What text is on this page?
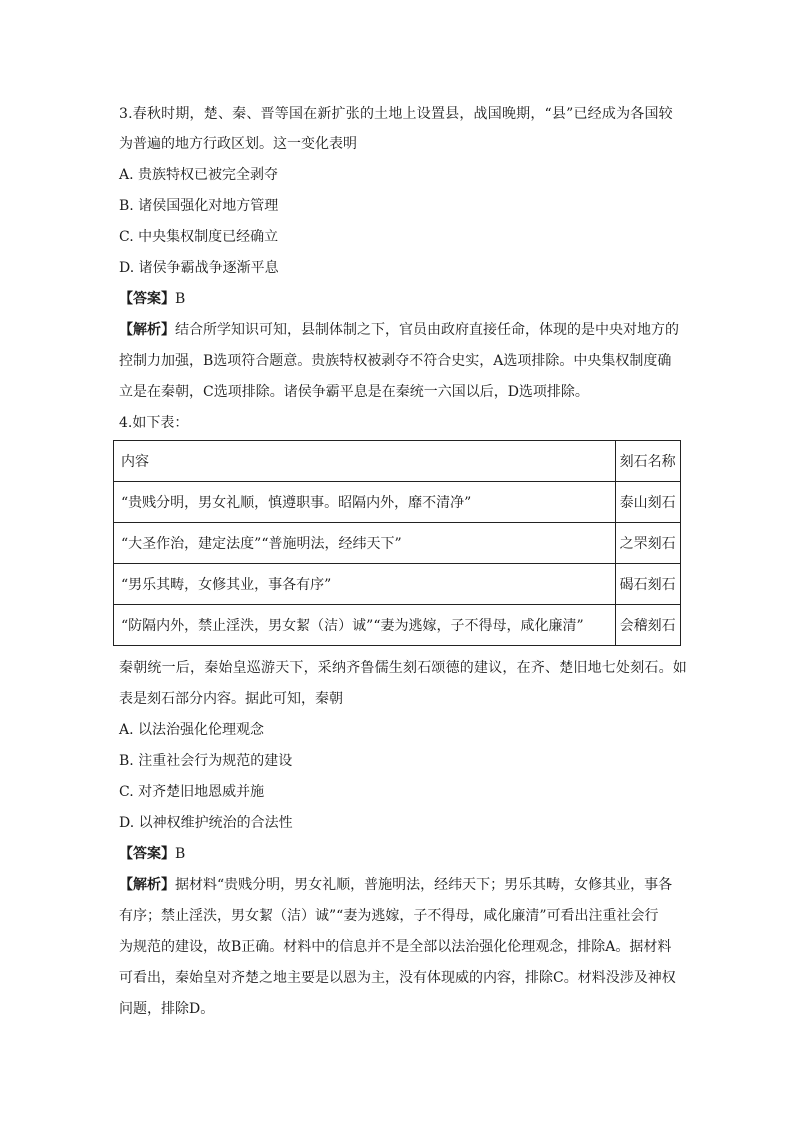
3.春秋时期，楚、秦、晋等国在新扩张的土地上设置县，战国晚期，“县”已经成为各国较
为普遍的地方行政区划。这一变化表明
A. 贵族特权已被完全剥夺
B. 诸侯国强化对地方管理
C. 中央集权制度已经确立
D. 诸侯争霸战争逐渐平息
【答案】B
【解析】结合所学知识可知，县制体制之下，官员由政府直接任命，体现的是中央对地方的
控制力加强，B选项符合题意。贵族特权被剥夺不符合史实，A选项排除。中央集权制度确
立是在秦朝，C选项排除。诸侯争霸平息是在秦统一六国以后，D选项排除。
4.如下表：
内容	刻石名称
“贵贱分明，男女礼顺，慎遵职事。昭隔内外，靡不清净”	泰山刻石
“大圣作治，建定法度”“普施明法，经纬天下”	之罘刻石
“男乐其畴，女修其业，事各有序”	碣石刻石
“防隔内外，禁止淫泆，男女絜（洁）诚”“妻为逃嫁，子不得母，咸化廉清”	会稽刻石
秦朝统一后，秦始皇巡游天下，采纳齐鲁儒生刻石颂德的建议，在齐、楚旧地七处刻石。如
表是刻石部分内容。据此可知，秦朝
A. 以法治强化伦理观念
B. 注重社会行为规范的建设
C. 对齐楚旧地恩威并施
D. 以神权维护统治的合法性
【答案】B
【解析】据材料“贵贱分明，男女礼顺，普施明法，经纬天下；男乐其畴，女修其业，事各
有序；禁止淫泆，男女絜（洁）诚”“妻为逃嫁，子不得母，咸化廉清”可看出注重社会行
为规范的建设，故B正确。材料中的信息并不是全部以法治强化伦理观念，排除A。据材料
可看出，秦始皇对齐楚之地主要是以恩为主，没有体现威的内容，排除C。材料没涉及神权
问题，排除D。
